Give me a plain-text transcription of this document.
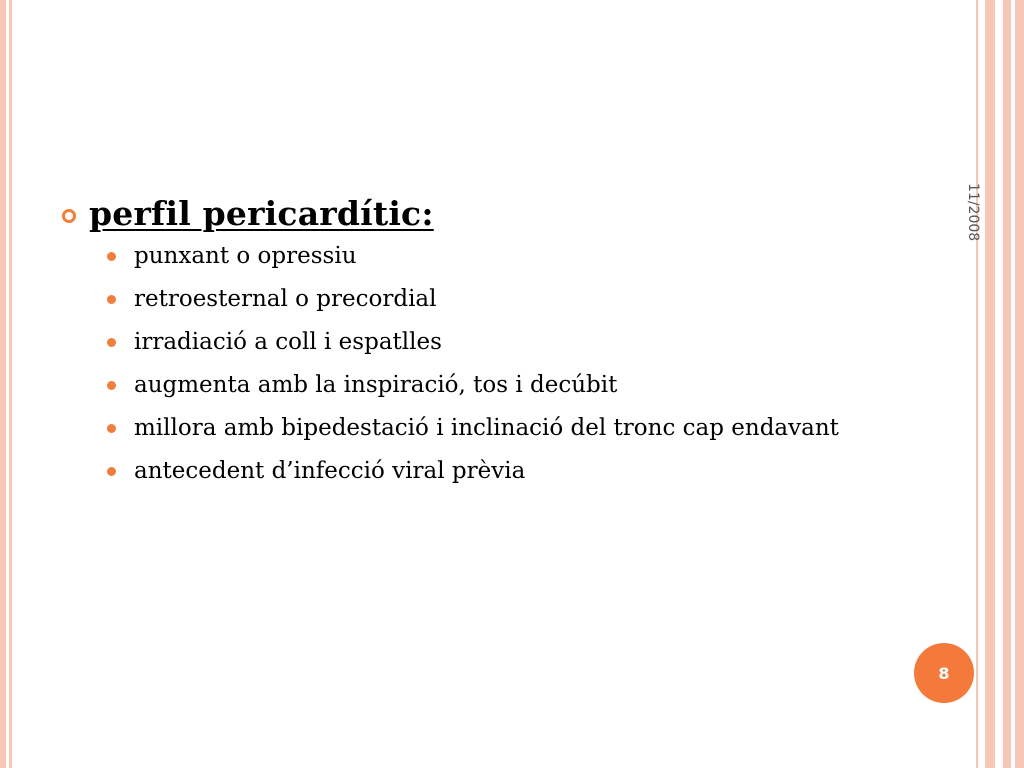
11/2008
perfil pericardític:
punxant o opressiu
retroesternal o precordial
irradiació a coll i espatlles
augmenta amb la inspiració, tos i decúbit
millora amb bipedestació i inclinació del tronc cap endavant
antecedent d’infecció viral prèvia
8
